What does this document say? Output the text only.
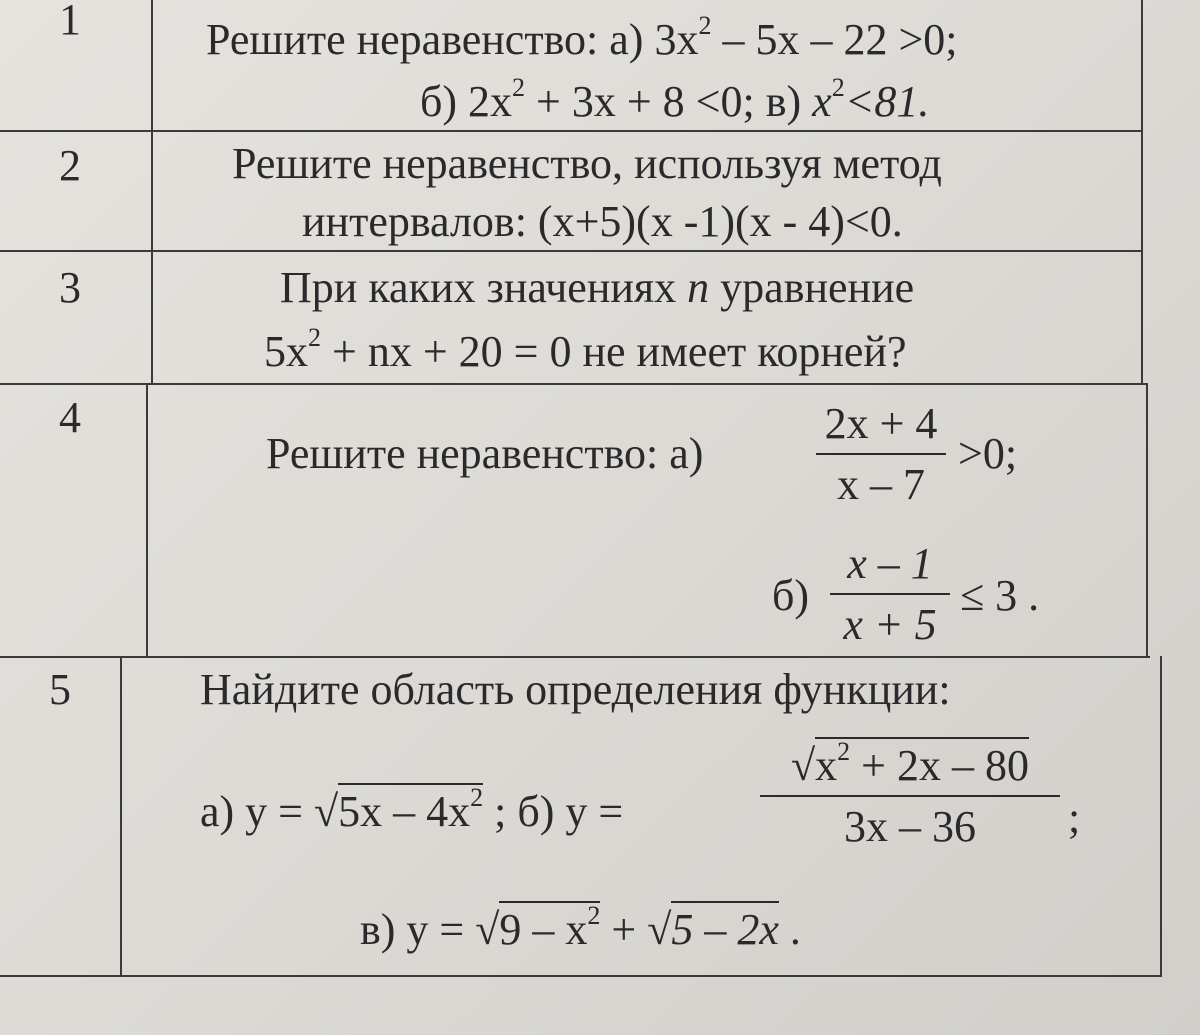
1	Решите неравенство: а) $3x^2 - 5x - 22 >0$;
б) $2x^2 + 3x + 8 <0$; в) $x^2<81$.
2	Решите неравенство, используя метод
интервалов: (x+5)(x -1)(x - 4)<0.
3	При каких значениях n уравнение
$5x^2$ + nx + 20 = 0 не имеет корней?
4
Решите неравенство: а)
2x + 4
x – 7
>0;
б)
x – 1
x + 5
≤ 3 .
5	Найдите область определения функции:
а) $y = √5x - 4x^2$ ; б) y =
$√x^2 + 2x - 80$
3x – 36	;
в) $y = √9 - x^2 + √5 - 2x$ .
